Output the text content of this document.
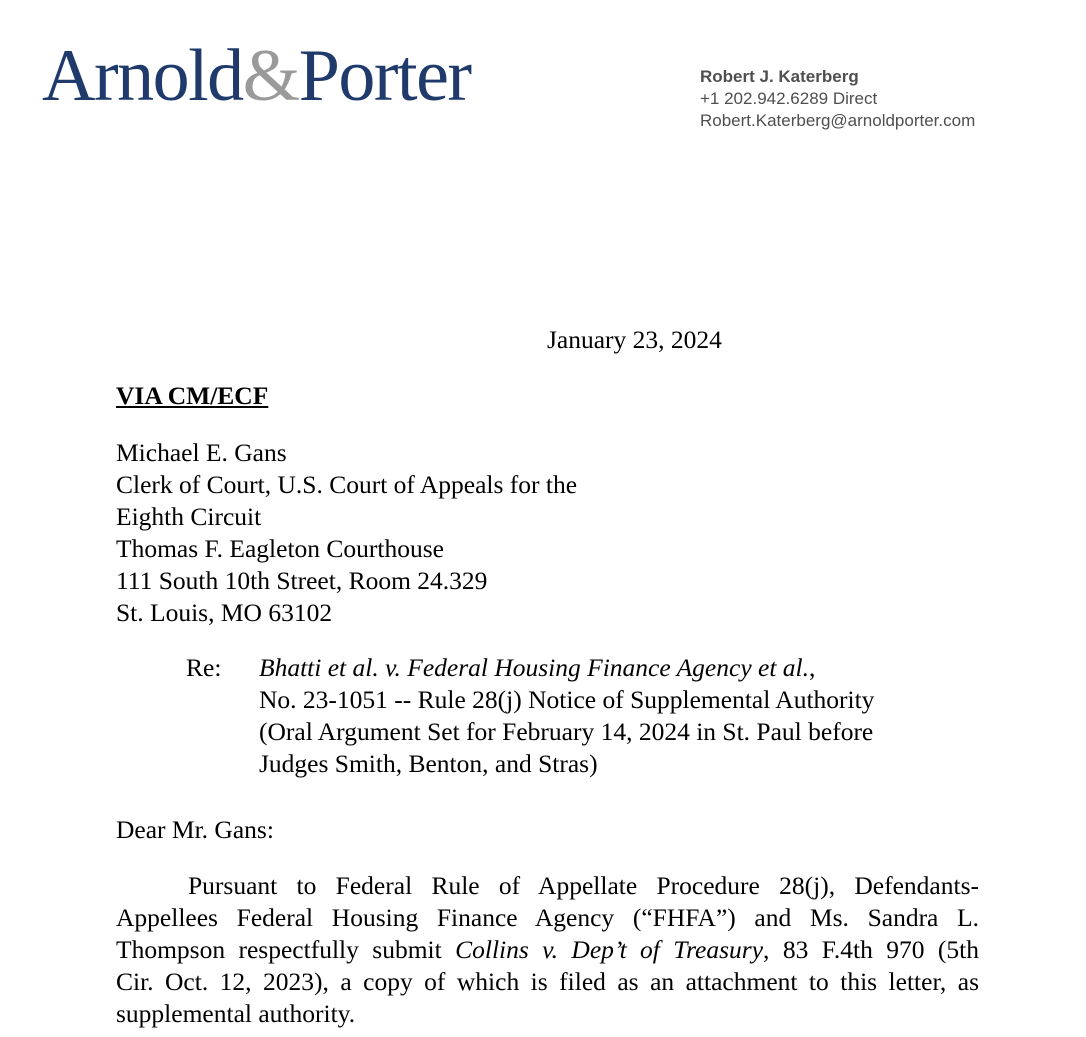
Arnold&Porter	Robert J. Katerberg
+1 202.942.6289 Direct
Robert.Katerberg@arnoldporter.com
January 23, 2024
VIA CM/ECF
Michael E. Gans
Clerk of Court, U.S. Court of Appeals for the
Eighth Circuit
Thomas F. Eagleton Courthouse
111 South 10th Street, Room 24.329
St. Louis, MO 63102
Re: Bhatti et al. v. Federal Housing Finance Agency et al.,
No. 23-1051 -- Rule 28(j) Notice of Supplemental Authority
(Oral Argument Set for February 14, 2024 in St. Paul before
Judges Smith, Benton, and Stras)
Dear Mr. Gans:
Pursuant to Federal Rule of Appellate Procedure 28(j), Defendants-
Appellees Federal Housing Finance Agency (“FHFA”) and Ms. Sandra L.
Thompson respectfully submit Collins v. Dep’t of Treasury, 83 F.4th 970 (5th
Cir. Oct. 12, 2023), a copy of which is filed as an attachment to this letter, as
supplemental authority.
